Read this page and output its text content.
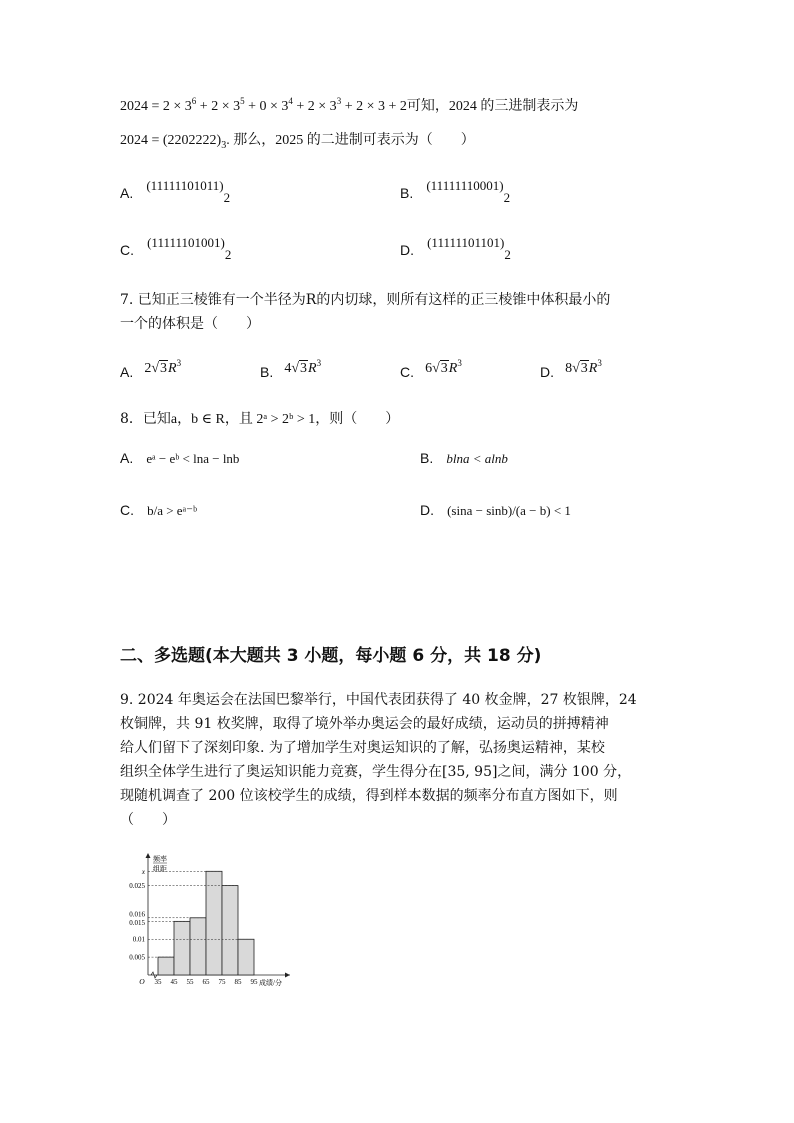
$2024 = 2 \times 3^6 + 2 \times 3^5 + 0 \times 3^4 + 2 \times 3^3 + 2 \times 3 + 2$可知，2024 的三进制表示为
$2024 = (2202222)_3$. 那么，2025 的二进制可表示为（　　）
A. $^{(11111101011)}_2$	B. $^{(11111110001)}_2$
C. $^{(11111101001)}_2$	D. $^{(11111101101)}_2$
7. 已知正三棱锥有一个半径为R的内切球，则所有这样的正三棱锥中体积最小的
一个的体积是（　　）
A. $2√3R^3$
B. $4√3R^3$
C. $6√3R^3$
D. $8√3R^3$
8．已知a，b ∈ R，且 2ᵃ > 2ᵇ > 1，则（　　）
A. eᵃ − eᵇ < lna − lnb	B. blna < alnb
C. b/a > eᵃ⁻ᵇ	D. (sina − sinb)/(a − b) < 1
二、多选题(本大题共 3 小题，每小题 6 分，共 18 分)
9. 2024 年奥运会在法国巴黎举行，中国代表团获得了 40 枚金牌，27 枚银牌，24
枚铜牌，共 91 枚奖牌，取得了境外举办奥运会的最好成绩，运动员的拼搏精神
给人们留下了深刻印象. 为了增加学生对奥运知识的了解，弘扬奥运精神，某校
组织全体学生进行了奥运知识能力竞赛，学生得分在[35, 95]之间，满分 100 分，
现随机调查了 200 位该校学生的成绩，得到样本数据的频率分布直方图如下，则
（　　）
0.005
0.01
0.015
0.016
0.025
x
35 45 55 65 75 85 95
O	成绩/分
频率
组距
